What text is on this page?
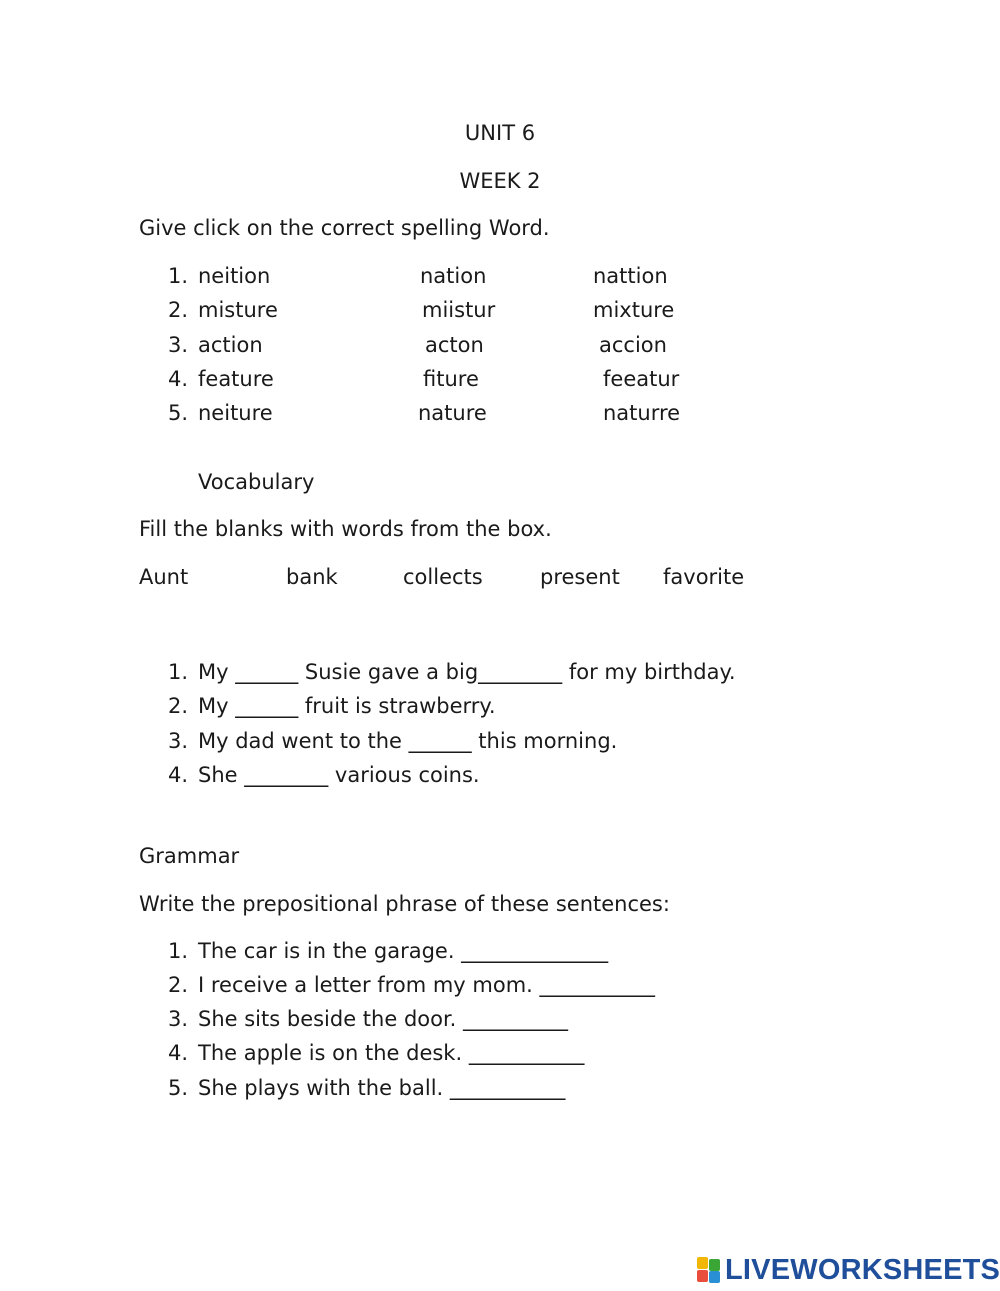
UNIT 6
WEEK 2
Give click on the correct spelling Word.
1. neition	nation	nattion
2. misture	miistur	mixture
3. action	acton	accion
4. feature	fiture	feeatur
5. neiture	nature	naturre
Vocabulary
Fill the blanks with words from the box.
Aunt	bank	collects	present favorite
1. My ______ Susie gave a big________ for my birthday.
2. My ______ fruit is strawberry.
3. My dad went to the ______ this morning.
4. She ________ various coins.
Grammar
Write the prepositional phrase of these sentences:
1. The car is in the garage. ______________
2. I receive a letter from my mom. ___________
3. She sits beside the door. __________
4. The apple is on the desk. ___________
5. She plays with the ball. ___________
LIVEWORKSHEETS
